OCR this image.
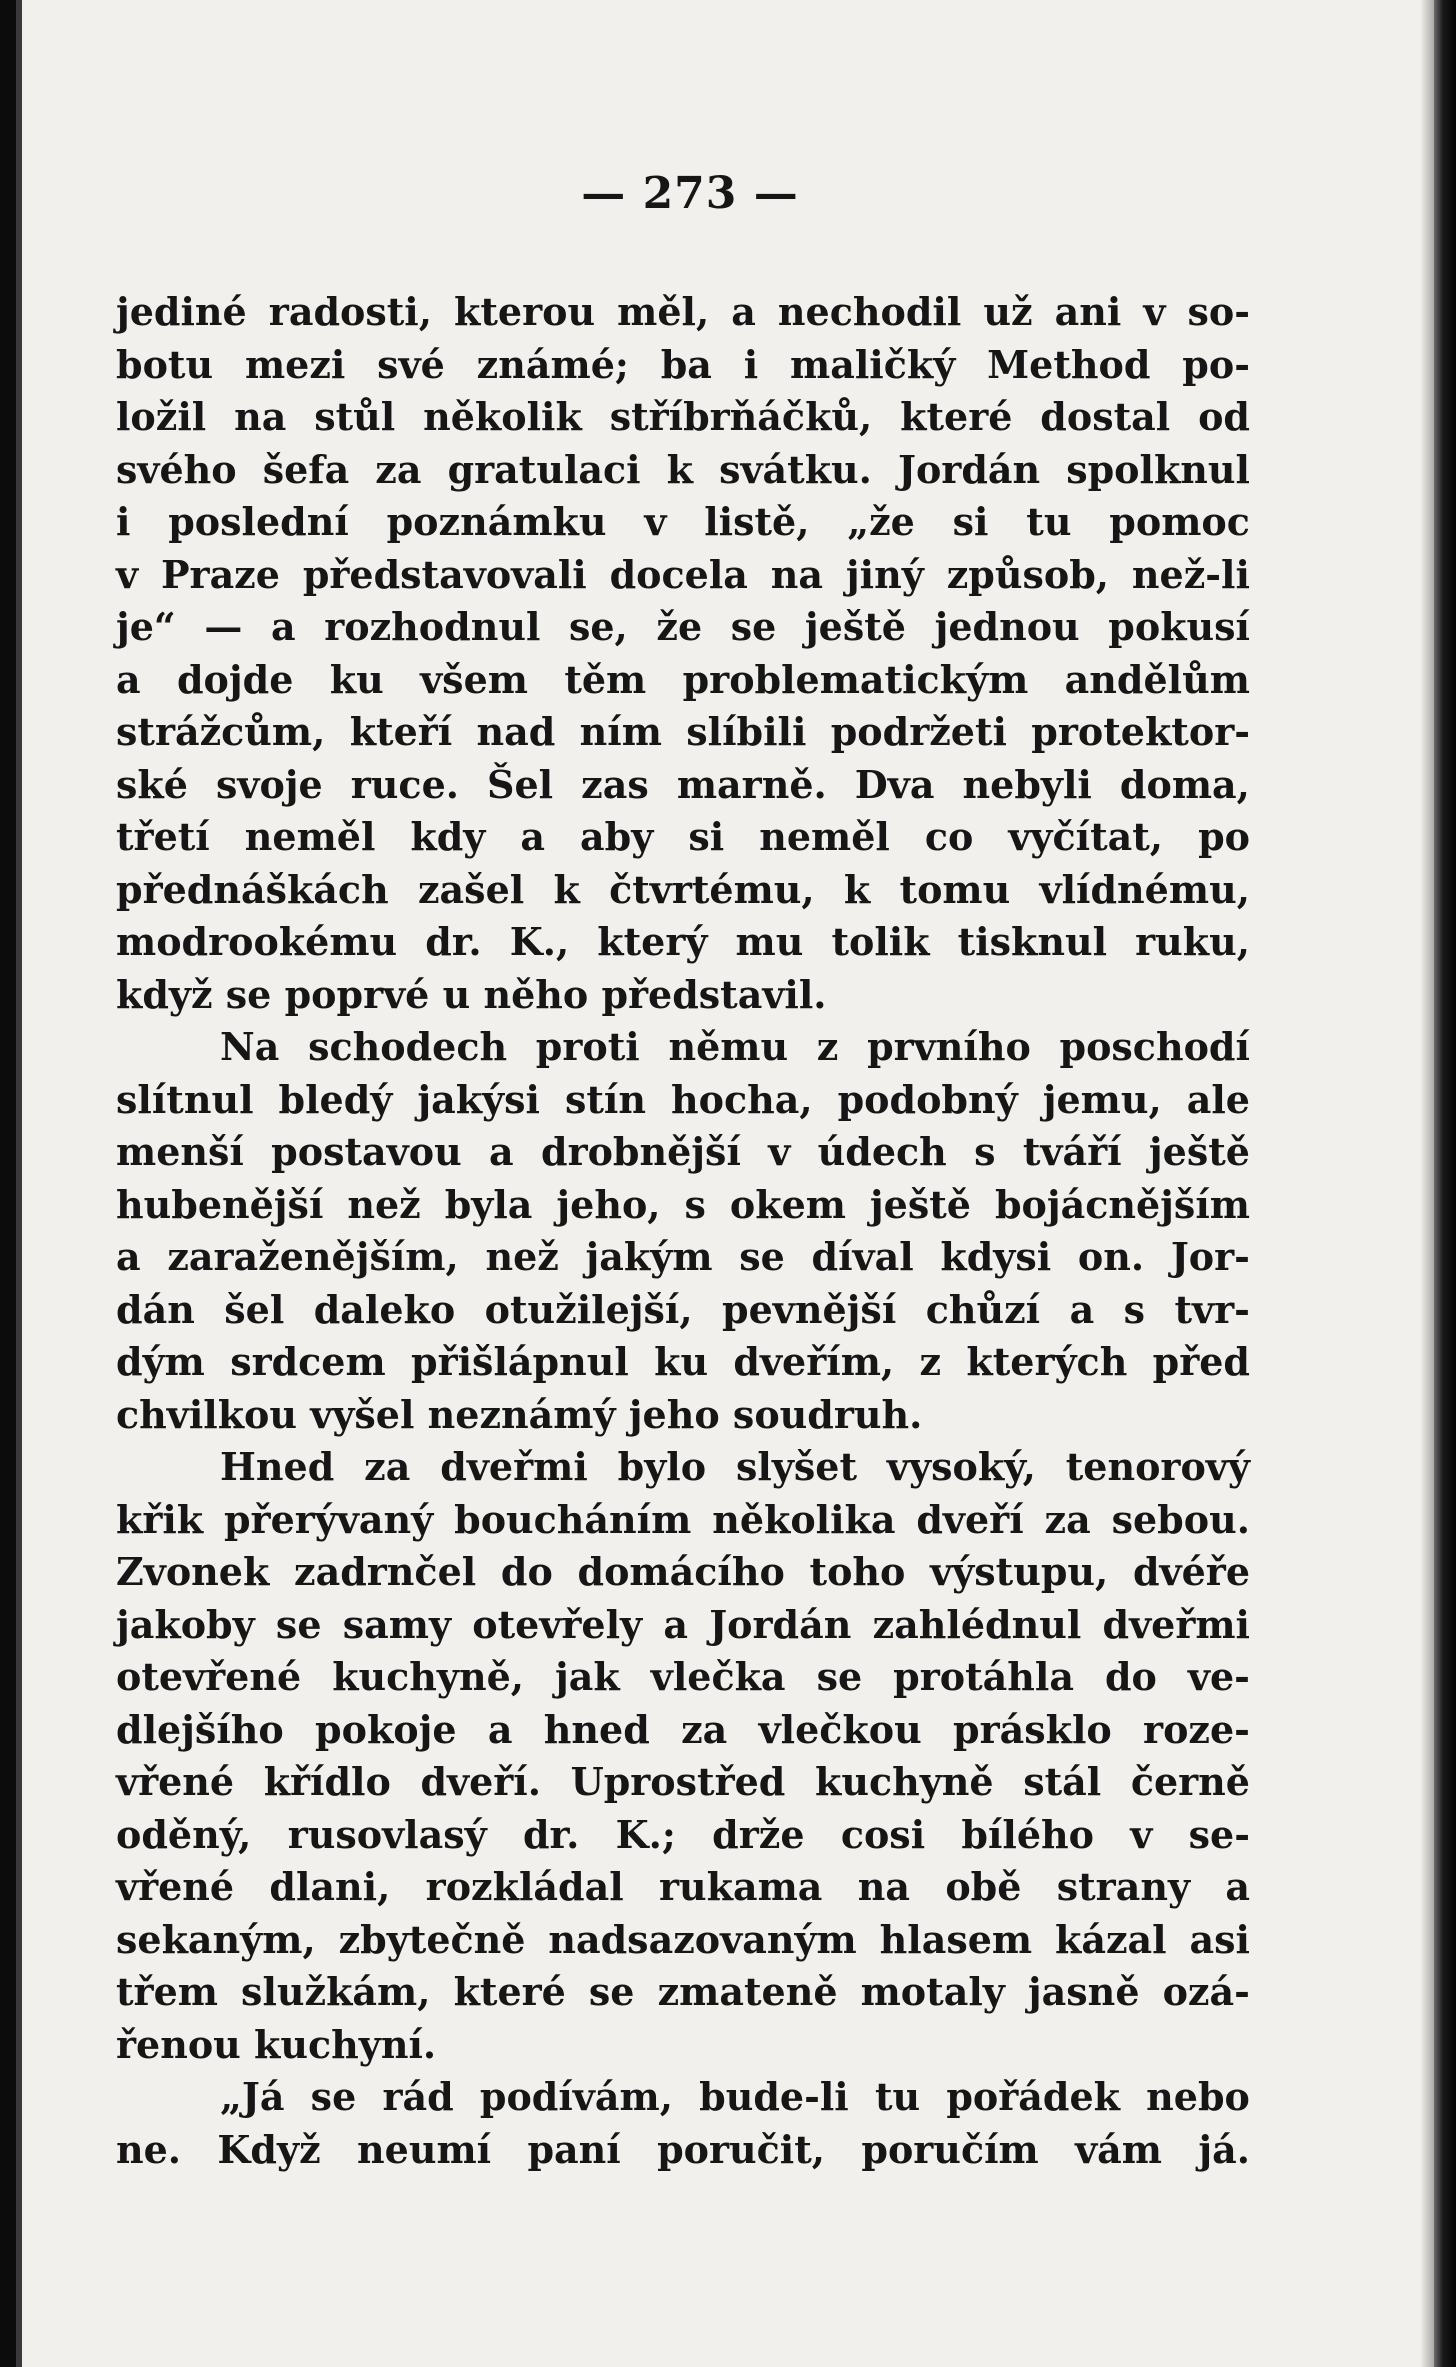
— 273 —
jediné radosti, kterou měl, a nechodil už ani v so-
botu mezi své známé; ba i maličký Method po-
ložil na stůl několik stříbrňáčků, které dostal od
svého šefa za gratulaci k svátku. Jordán spolknul
i poslední poznámku v listě, „že si tu pomoc
v Praze představovali docela na jiný způsob, než-li
je“ — a rozhodnul se, že se ještě jednou pokusí
a dojde ku všem těm problematickým andělům
strážcům, kteří nad ním slíbili podržeti protektor-
ské svoje ruce. Šel zas marně. Dva nebyli doma,
třetí neměl kdy a aby si neměl co vyčítat, po
přednáškách zašel k čtvrtému, k tomu vlídnému,
modrookému dr. K., který mu tolik tisknul ruku,
když se poprvé u něho představil.
Na schodech proti němu z prvního poschodí
slítnul bledý jakýsi stín hocha, podobný jemu, ale
menší postavou a drobnější v údech s tváří ještě
hubenější než byla jeho, s okem ještě bojácnějším
a zaraženějším, než jakým se díval kdysi on. Jor-
dán šel daleko otužilejší, pevnější chůzí a s tvr-
dým srdcem přišlápnul ku dveřím, z kterých před
chvilkou vyšel neznámý jeho soudruh.
Hned za dveřmi bylo slyšet vysoký, tenorový
křik přerývaný boucháním několika dveří za sebou.
Zvonek zadrnčel do domácího toho výstupu, dvéře
jakoby se samy otevřely a Jordán zahlédnul dveřmi
otevřené kuchyně, jak vlečka se protáhla do ve-
dlejšího pokoje a hned za vlečkou prásklo roze-
vřené křídlo dveří. Uprostřed kuchyně stál černě
oděný, rusovlasý dr. K.; drže cosi bílého v se-
vřené dlani, rozkládal rukama na obě strany a
sekaným, zbytečně nadsazovaným hlasem kázal asi
třem služkám, které se zmateně motaly jasně ozá-
řenou kuchyní.
„Já se rád podívám, bude-li tu pořádek nebo
ne. Když neumí paní poručit, poručím vám já.
